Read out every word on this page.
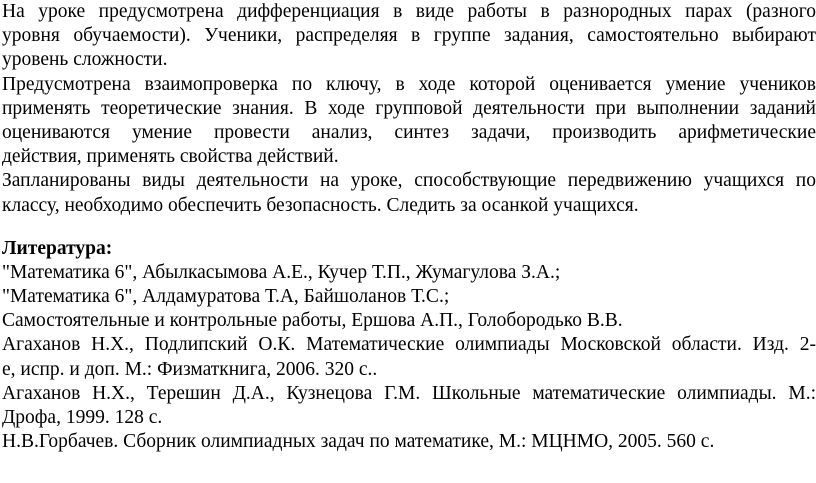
На уроке предусмотрена дифференциация в виде работы в разнородных парах (разного
уровня обучаемости). Ученики, распределяя в группе задания, самостоятельно выбирают
уровень сложности.
Предусмотрена взаимопроверка по ключу, в ходе которой оценивается умение учеников
применять теоретические знания. В ходе групповой деятельности при выполнении заданий
оцениваются умение провести анализ, синтез задачи, производить арифметические
действия, применять свойства действий.
Запланированы виды деятельности на уроке, способствующие передвижению учащихся по
классу, необходимо обеспечить безопасность. Следить за осанкой учащихся.
Литература:
"Математика 6", Абылкасымова А.Е., Кучер Т.П., Жумагулова З.А.;
"Математика 6", Алдамуратова Т.А, Байшоланов Т.С.;
Самостоятельные и контрольные работы, Ершова А.П., Голобородько В.В.
Агаханов Н.Х., Подлипский О.К. Математические олимпиады Московской области. Изд. 2-
е, испр. и доп. М.: Физматкнига, 2006. 320 с..
Агаханов Н.Х., Терешин Д.А., Кузнецова Г.М. Школьные математические олимпиады. М.:
Дрофа, 1999. 128 с.
Н.В.Горбачев. Сборник олимпиадных задач по математике, М.: МЦНМО, 2005. 560 с.
